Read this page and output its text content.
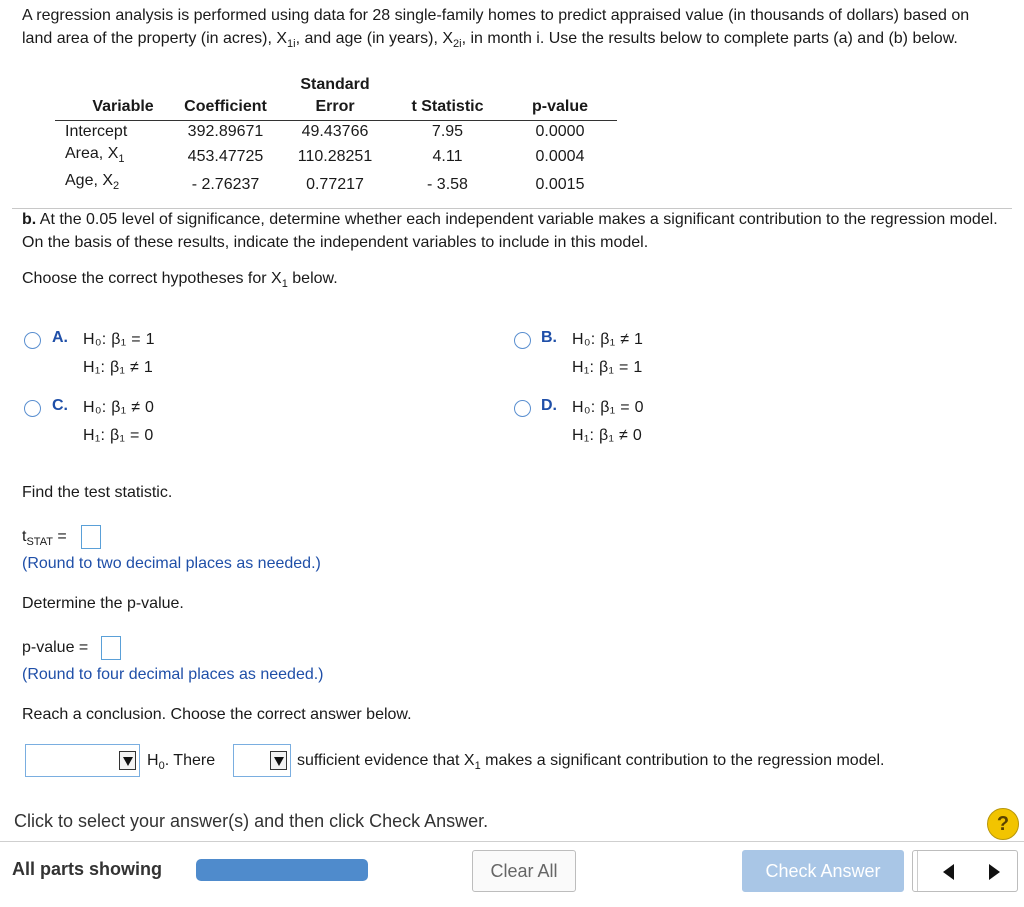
A regression analysis is performed using data for 28 single-family homes to predict appraised value (in thousands of dollars) based on land area of the property (in acres), $X_{1i}$, and age (in years), $X_{2i}$, in month i. Use the results below to complete parts (a) and (b) below.
Standard
Variable	Coefficient	Error	t Statistic	p-value
Intercept	392.89671	49.43766	7.95	0.0000
Area, $X_1$	453.47725	110.28251	4.11	0.0004
Age, $X_2$	- 2.76237	0.77217	- 3.58	0.0015
b. At the 0.05 level of significance, determine whether each independent variable makes a significant contribution to the regression model. On the basis of these results, indicate the independent variables to include in this model.
Choose the correct hypotheses for $X_1$ below.
A. H₀: β₁ = 1
H₁: β₁ ≠ 1
B. H₀: β₁ ≠ 1
H₁: β₁ = 1
C. H₀: β₁ ≠ 0
H₁: β₁ = 0
D. H₀: β₁ = 0
H₁: β₁ ≠ 0
Find the test statistic.
$t_{STAT}$ =
(Round to two decimal places as needed.)
Determine the p-value.
p-value =
(Round to four decimal places as needed.)
Reach a conclusion. Choose the correct answer below.
$H_0$. There	sufficient evidence that $X_1$ makes a significant contribution to the regression model.
Click to select your answer(s) and then click Check Answer.	?
All parts showing	Clear All	Check Answer
